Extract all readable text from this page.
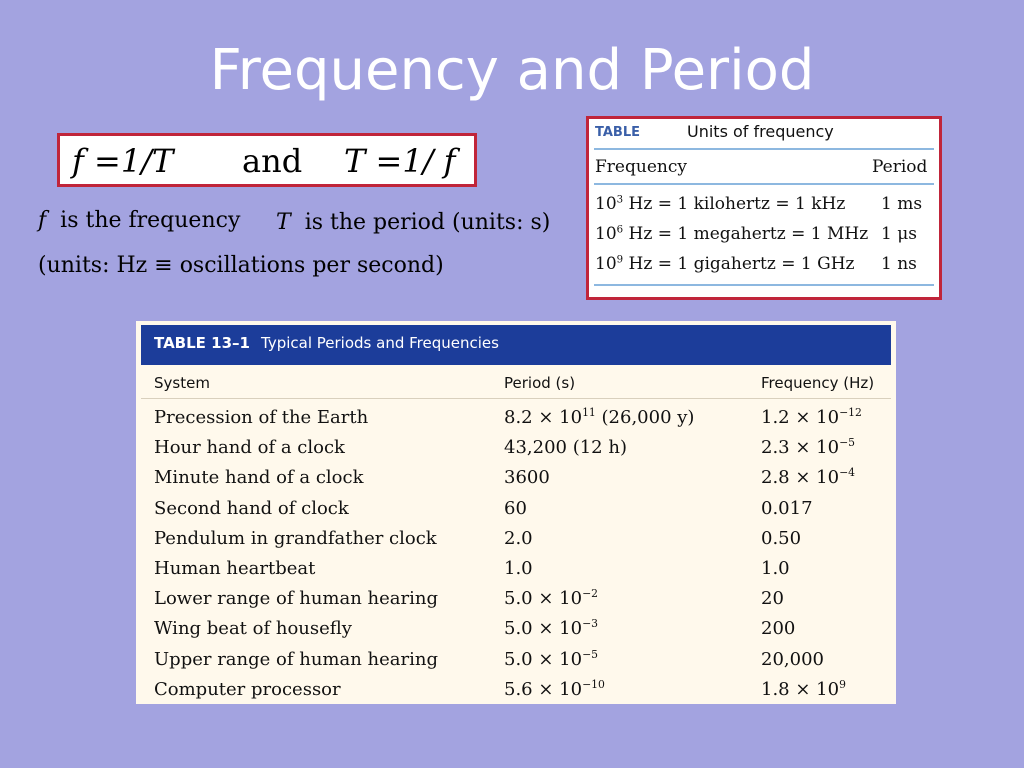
Frequency and Period
f =1/T and T =1/ f
f is the frequency T is the period (units: s)
(units: Hz ≡ oscillations per second)
TABLE	Units of frequency
Frequency	Period
$10^3$ Hz = 1 kilohertz = 1 kHz 1 ms
$10^6$ Hz = 1 megahertz = 1 MHz 1 μs
$10^9$ Hz = 1 gigahertz = 1 GHz 1 ns
TABLE 13–1 Typical Periods and Frequencies
System	Period (s)	Frequency (Hz)
Precession of the Earth	$8.2 \times 10^{11}$ (26,000 y)	$1.2 \times 10^{-12}$
Hour hand of a clock	43,200 (12 h)	$2.3 \times 10^{-5}$
Minute hand of a clock	3600	$2.8 \times 10^{-4}$
Second hand of clock	60	0.017
Pendulum in grandfather clock	2.0	0.50
Human heartbeat	1.0	1.0
Lower range of human hearing	$5.0 \times 10^{-2}$	20
Wing beat of housefly	$5.0 \times 10^{-3}$	200
Upper range of human hearing	$5.0 \times 10^{-5}$	20,000
Computer processor	$5.6 \times 10^{-10}$	$1.8 \times 10^9$
